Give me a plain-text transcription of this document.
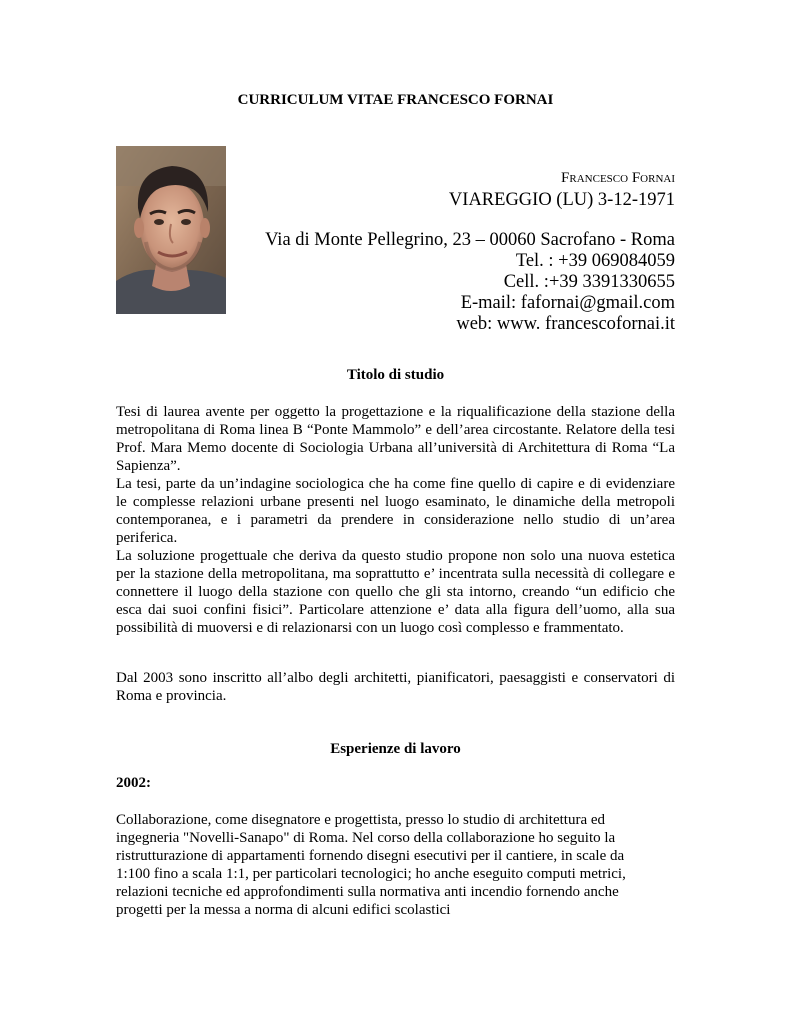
CURRICULUM VITAE FRANCESCO FORNAI
Francesco Fornai
VIAREGGIO (LU) 3-12-1971
Via di Monte Pellegrino, 23 – 00060 Sacrofano - Roma
Tel. : +39 069084059
Cell. :+39 3391330655
E-mail: fafornai@gmail.com
web: www. francescofornai.it
Titolo di studio

Tesi di laurea avente per oggetto la progettazione e la riqualificazione della stazione della metropolitana di Roma linea B “Ponte Mammolo” e dell’area circostante. Relatore della tesi Prof. Mara Memo docente di Sociologia Urbana all’università di Architettura di Roma “La Sapienza”.

La tesi, parte da un’indagine sociologica che ha come fine quello di capire e di evidenziare le complesse relazioni urbane presenti nel luogo esaminato, le dinamiche della metropoli contemporanea, e i parametri da prendere in considerazione nello studio di un’area periferica.

La soluzione progettuale che deriva da questo studio propone non solo una nuova estetica per la stazione della metropolitana, ma soprattutto e’ incentrata sulla necessità di collegare e connettere il luogo della stazione con quello che gli sta intorno, creando “un edificio che esca dai suoi confini fisici”. Particolare attenzione e’ data alla figura dell’uomo, alla sua possibilità di muoversi e di relazionarsi con un luogo così complesso e frammentato.

Dal 2003 sono inscritto all’albo degli architetti, pianificatori, paesaggisti e conservatori di Roma e provincia.
Esperienze di lavoro
2002:
Collaborazione, come disegnatore e progettista, presso lo studio di architettura ed ingegneria "Novelli-Sanapo" di Roma. Nel corso della collaborazione ho seguito la ristrutturazione di appartamenti fornendo disegni esecutivi per il cantiere, in scale da 1:100 fino a scala 1:1, per particolari tecnologici; ho anche eseguito computi metrici, relazioni tecniche ed approfondimenti sulla normativa anti incendio fornendo anche progetti per la messa a norma di alcuni edifici scolastici
